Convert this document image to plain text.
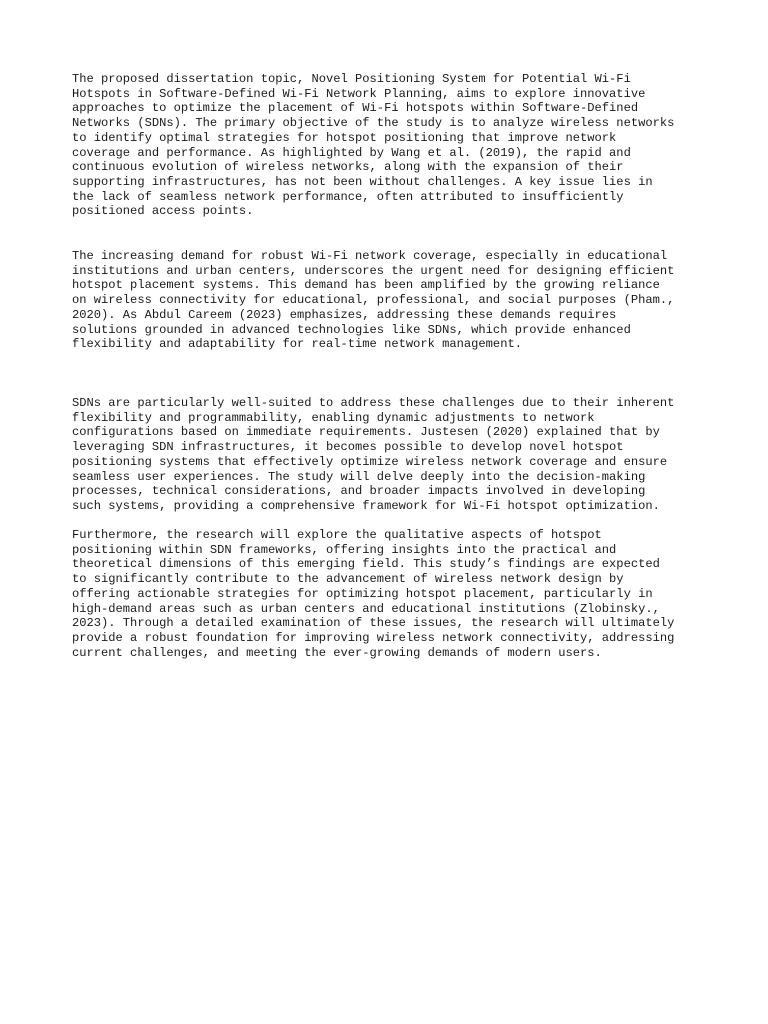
The proposed dissertation topic, Novel Positioning System for Potential Wi-Fi
Hotspots in Software-Defined Wi-Fi Network Planning, aims to explore innovative
approaches to optimize the placement of Wi-Fi hotspots within Software-Defined
Networks (SDNs). The primary objective of the study is to analyze wireless networks
to identify optimal strategies for hotspot positioning that improve network
coverage and performance. As highlighted by Wang et al. (2019), the rapid and
continuous evolution of wireless networks, along with the expansion of their
supporting infrastructures, has not been without challenges. A key issue lies in
the lack of seamless network performance, often attributed to insufficiently
positioned access points.

The increasing demand for robust Wi-Fi network coverage, especially in educational
institutions and urban centers, underscores the urgent need for designing efficient
hotspot placement systems. This demand has been amplified by the growing reliance
on wireless connectivity for educational, professional, and social purposes (Pham.,
2020). As Abdul Careem (2023) emphasizes, addressing these demands requires
solutions grounded in advanced technologies like SDNs, which provide enhanced
flexibility and adaptability for real-time network management.

SDNs are particularly well-suited to address these challenges due to their inherent
flexibility and programmability, enabling dynamic adjustments to network
configurations based on immediate requirements. Justesen (2020) explained that by
leveraging SDN infrastructures, it becomes possible to develop novel hotspot
positioning systems that effectively optimize wireless network coverage and ensure
seamless user experiences. The study will delve deeply into the decision-making
processes, technical considerations, and broader impacts involved in developing
such systems, providing a comprehensive framework for Wi-Fi hotspot optimization.

Furthermore, the research will explore the qualitative aspects of hotspot
positioning within SDN frameworks, offering insights into the practical and
theoretical dimensions of this emerging field. This study’s findings are expected
to significantly contribute to the advancement of wireless network design by
offering actionable strategies for optimizing hotspot placement, particularly in
high-demand areas such as urban centers and educational institutions (Zlobinsky.,
2023). Through a detailed examination of these issues, the research will ultimately
provide a robust foundation for improving wireless network connectivity, addressing
current challenges, and meeting the ever-growing demands of modern users.
